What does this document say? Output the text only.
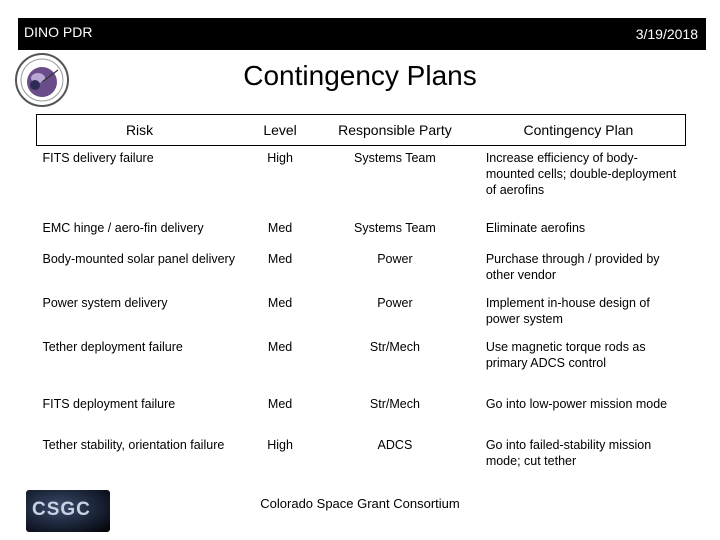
DINO PDR	3/19/2018
Contingency Plans
Risk	Level	Responsible Party	Contingency Plan
FITS delivery failure	High	Systems Team	Increase efficiency of body-mounted cells; double-deployment of aerofins
EMC hinge / aero-fin delivery	Med	Systems Team	Eliminate aerofins
Body-mounted solar panel delivery	Med	Power	Purchase through / provided by other vendor
Power system delivery	Med	Power	Implement in-house design of power system
Tether deployment failure	Med	Str/Mech	Use magnetic torque rods as primary ADCS control
FITS deployment failure	Med	Str/Mech	Go into low-power mission mode
Tether stability, orientation failure	High	ADCS	Go into failed-stability mission mode; cut tether
CSGC	Colorado Space Grant Consortium
